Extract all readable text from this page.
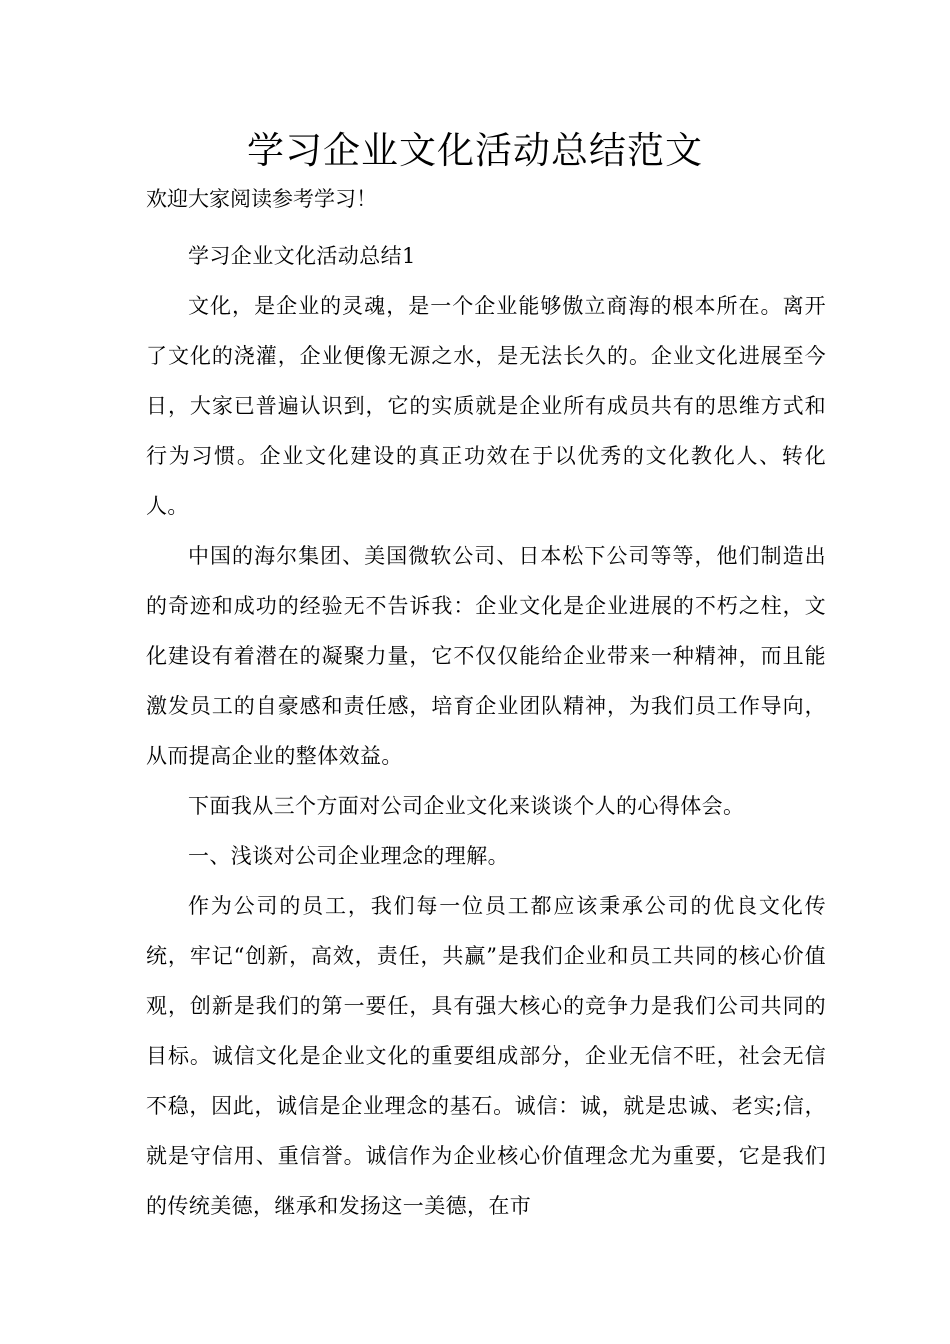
学习企业文化活动总结范文

欢迎大家阅读参考学习！

学习企业文化活动总结1

文化，是企业的灵魂，是一个企业能够傲立商海的根本所在。离开了文化的浇灌，企业便像无源之水，是无法长久的。企业文化进展至今日，大家已普遍认识到，它的实质就是企业所有成员共有的思维方式和行为习惯。企业文化建设的真正功效在于以优秀的文化教化人、转化人。

中国的海尔集团、美国微软公司、日本松下公司等等，他们制造出的奇迹和成功的经验无不告诉我：企业文化是企业进展的不朽之柱，文化建设有着潜在的凝聚力量，它不仅仅能给企业带来一种精神，而且能激发员工的自豪感和责任感，培育企业团队精神，为我们员工作导向，从而提高企业的整体效益。

下面我从三个方面对公司企业文化来谈谈个人的心得体会。

一、浅谈对公司企业理念的理解。

作为公司的员工，我们每一位员工都应该秉承公司的优良文化传统，牢记“创新，高效，责任，共赢”是我们企业和员工共同的核心价值观，创新是我们的第一要任，具有强大核心的竞争力是我们公司共同的目标。诚信文化是企业文化的重要组成部分，企业无信不旺，社会无信不稳，因此，诚信是企业理念的基石。诚信：诚，就是忠诚、老实;信，就是守信用、重信誉。诚信作为企业核心价值理念尤为重要，它是我们的传统美德，继承和发扬这一美德，在市
